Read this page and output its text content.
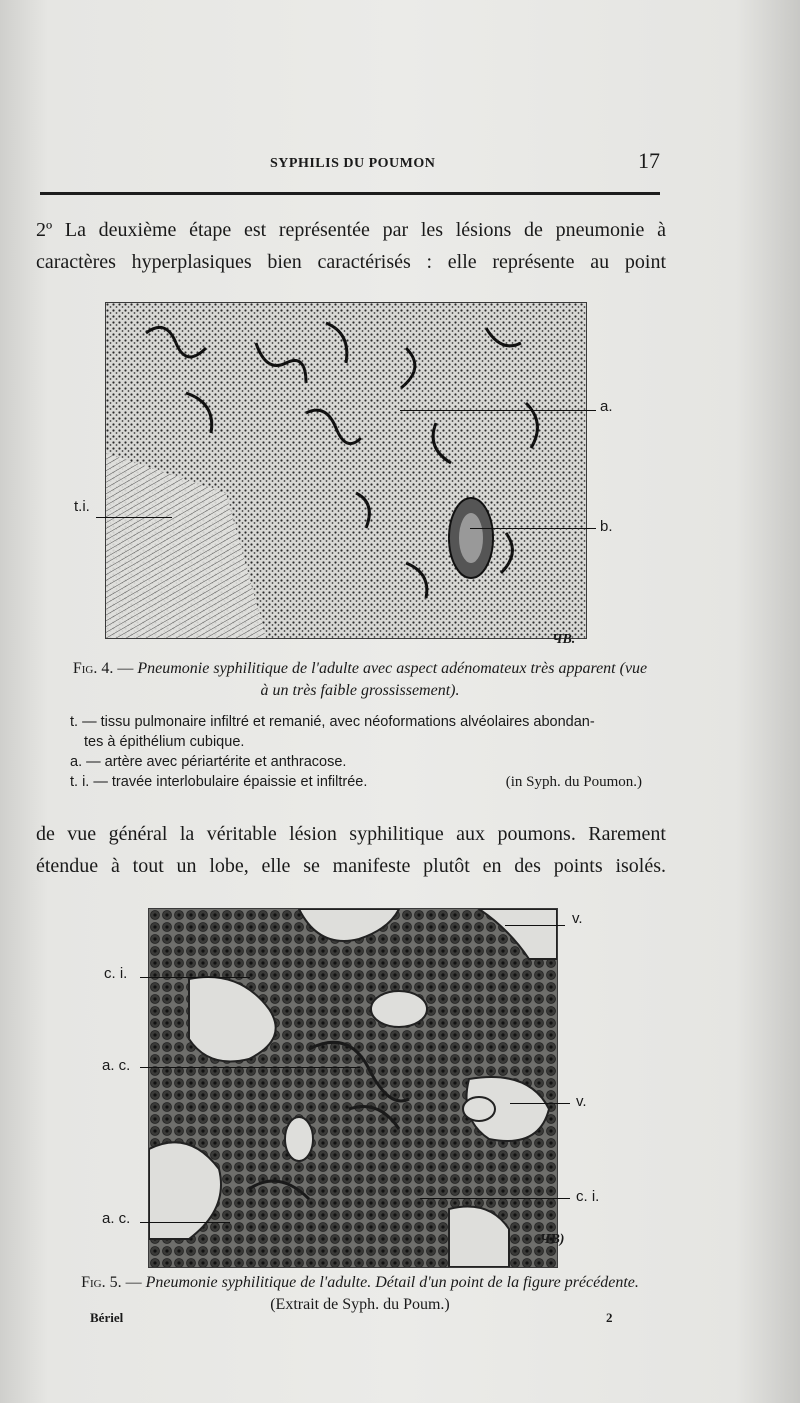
SYPHILIS DU POUMON	17
2º La deuxième étape est représentée par les lésions de pneumonie à
caractères hyperplasiques bien caractérisés : elle représente au point
a.
b.
t.i.
ЧB.
Fig. 4. — Pneumonie syphilitique de l'adulte avec aspect adénomateux très apparent (vue à un très faible grossissement).
t. — tissu pulmonaire infiltré et remanié, avec néoformations alvéolaires abondan-
tes à épithélium cubique.
a. — artère avec périartérite et anthracose.
t. i. — travée interlobulaire épaissie et infiltrée.	(in Syph. du Poumon.)
de vue général la véritable lésion syphilitique aux poumons. Rarement
étendue à tout un lobe, elle se manifeste plutôt en des points isolés.
v.
c. i.
a. c.
v.
c. i.
a. c.
ЧB)
Fig. 5. — Pneumonie syphilitique de l'adulte. Détail d'un point de la figure précédente. (Extrait de Syph. du Poum.)
Bériel	2
